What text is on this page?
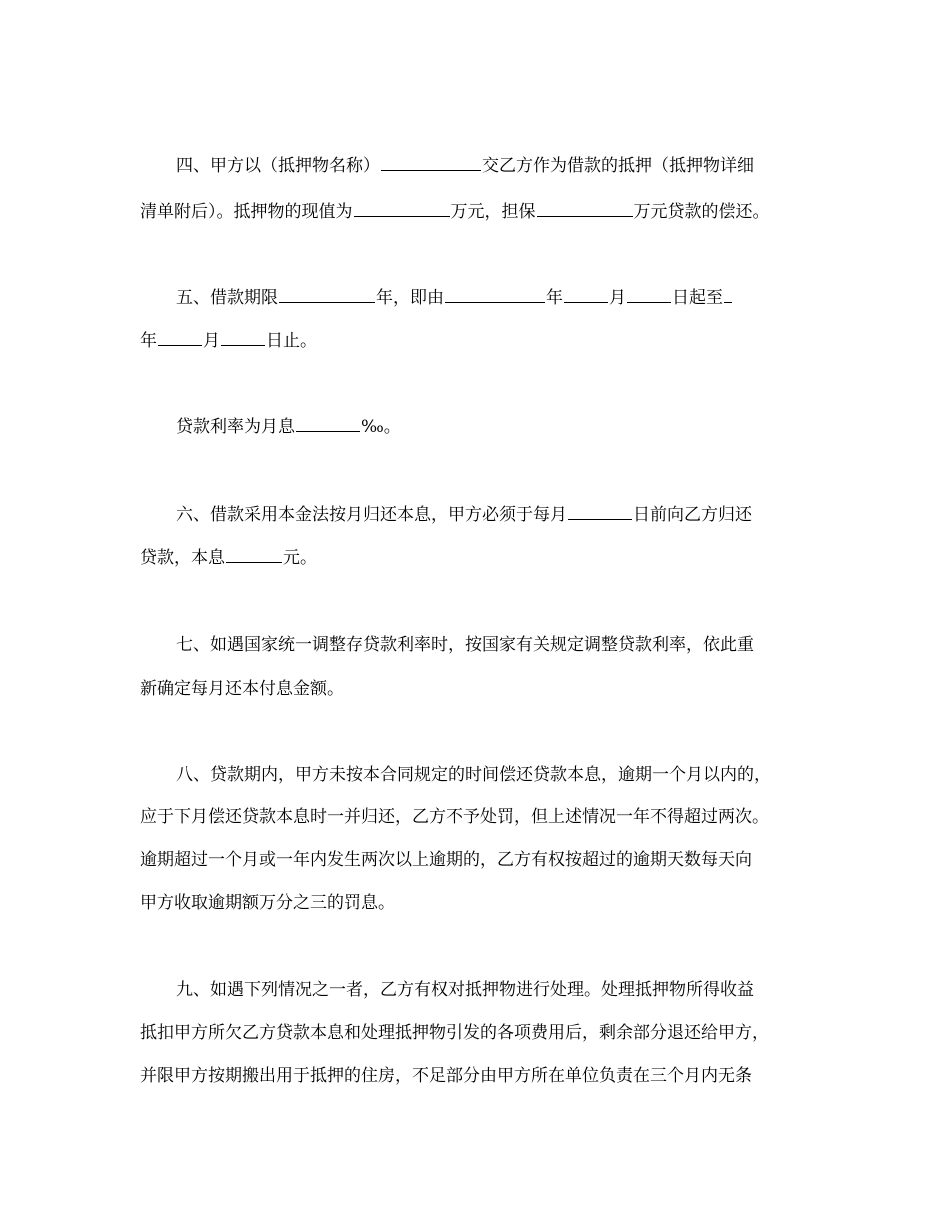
四、甲方以（抵押物名称）	交乙方作为借款的抵押（抵押物详细
清单附后）。抵押物的现值为	万元，担保	万元贷款的偿还。
五、借款期限	年，即由	年	月	日起至
年	月	日止。
贷款利率为月息	‰。
六、借款采用本金法按月归还本息，甲方必须于每月	日前向乙方归还
贷款，本息	元。
七、如遇国家统一调整存贷款利率时，按国家有关规定调整贷款利率，依此重
新确定每月还本付息金额。
八、贷款期内，甲方未按本合同规定的时间偿还贷款本息，逾期一个月以内的，
应于下月偿还贷款本息时一并归还，乙方不予处罚，但上述情况一年不得超过两次。
逾期超过一个月或一年内发生两次以上逾期的，乙方有权按超过的逾期天数每天向
甲方收取逾期额万分之三的罚息。
九、如遇下列情况之一者，乙方有权对抵押物进行处理。处理抵押物所得收益
抵扣甲方所欠乙方贷款本息和处理抵押物引发的各项费用后，剩余部分退还给甲方，
并限甲方按期搬出用于抵押的住房，不足部分由甲方所在单位负责在三个月内无条
